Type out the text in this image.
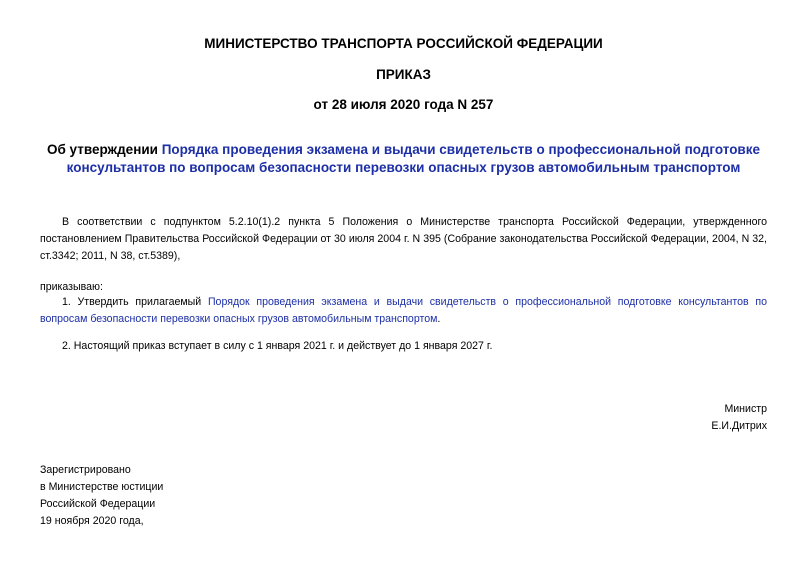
МИНИСТЕРСТВО ТРАНСПОРТА РОССИЙСКОЙ ФЕДЕРАЦИИ
ПРИКАЗ
от 28 июля 2020 года N 257
Об утверждении Порядка проведения экзамена и выдачи свидетельств о профессиональной подготовке консультантов по вопросам безопасности перевозки опасных грузов автомобильным транспортом
В соответствии с подпунктом 5.2.10(1).2 пункта 5 Положения о Министерстве транспорта Российской Федерации, утвержденного постановлением Правительства Российской Федерации от 30 июля 2004 г. N 395 (Собрание законодательства Российской Федерации, 2004, N 32, ст.3342; 2011, N 38, ст.5389),
приказываю:
1. Утвердить прилагаемый Порядок проведения экзамена и выдачи свидетельств о профессиональной подготовке консультантов по вопросам безопасности перевозки опасных грузов автомобильным транспортом.
2. Настоящий приказ вступает в силу с 1 января 2021 г. и действует до 1 января 2027 г.
Министр
Е.И.Дитрих
Зарегистрировано
в Министерстве юстиции
Российской Федерации
19 ноября 2020 года,
